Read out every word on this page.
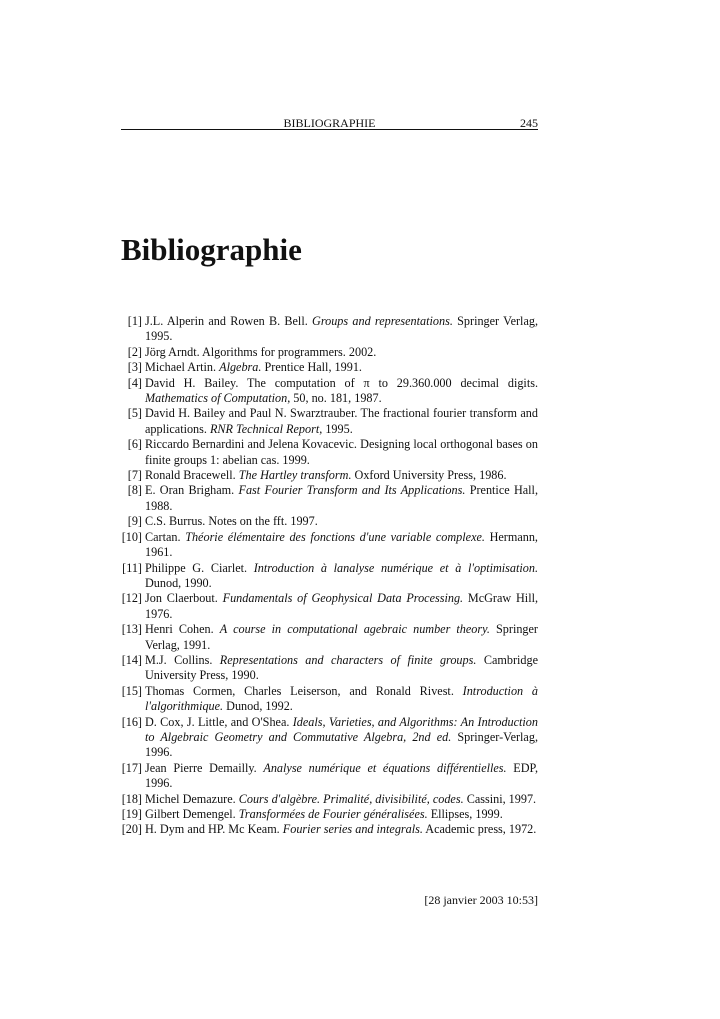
BIBLIOGRAPHIE	245
Bibliographie
[1] J.L. Alperin and Rowen B. Bell. Groups and representations. Springer Verlag, 1995.
[2] Jörg Arndt. Algorithms for programmers. 2002.
[3] Michael Artin. Algebra. Prentice Hall, 1991.
[4] David H. Bailey. The computation of π to 29.360.000 decimal digits. Mathematics of Computation, 50, no. 181, 1987.
[5] David H. Bailey and Paul N. Swarztrauber. The fractional fourier transform and applications. RNR Technical Report, 1995.
[6] Riccardo Bernardini and Jelena Kovacevic. Designing local orthogonal bases on finite groups 1: abelian cas. 1999.
[7] Ronald Bracewell. The Hartley transform. Oxford University Press, 1986.
[8] E. Oran Brigham. Fast Fourier Transform and Its Applications. Prentice Hall, 1988.
[9] C.S. Burrus. Notes on the fft. 1997.
[10] Cartan. Théorie élémentaire des fonctions d'une variable complexe. Hermann, 1961.
[11] Philippe G. Ciarlet. Introduction à lanalyse numérique et à l'optimisation. Dunod, 1990.
[12] Jon Claerbout. Fundamentals of Geophysical Data Processing. McGraw Hill, 1976.
[13] Henri Cohen. A course in computational agebraic number theory. Springer Verlag, 1991.
[14] M.J. Collins. Representations and characters of finite groups. Cambridge University Press, 1990.
[15] Thomas Cormen, Charles Leiserson, and Ronald Rivest. Introduction à l'algorithmique. Dunod, 1992.
[16] D. Cox, J. Little, and O'Shea. Ideals, Varieties, and Algorithms: An Introduction to Algebraic Geometry and Commutative Algebra, 2nd ed. Springer-Verlag, 1996.
[17] Jean Pierre Demailly. Analyse numérique et équations différentielles. EDP, 1996.
[18] Michel Demazure. Cours d'algèbre. Primalité, divisibilité, codes. Cassini, 1997.
[19] Gilbert Demengel. Transformées de Fourier généralisées. Ellipses, 1999.
[20] H. Dym and HP. Mc Keam. Fourier series and integrals. Academic press, 1972.
[28 janvier 2003 10:53]
